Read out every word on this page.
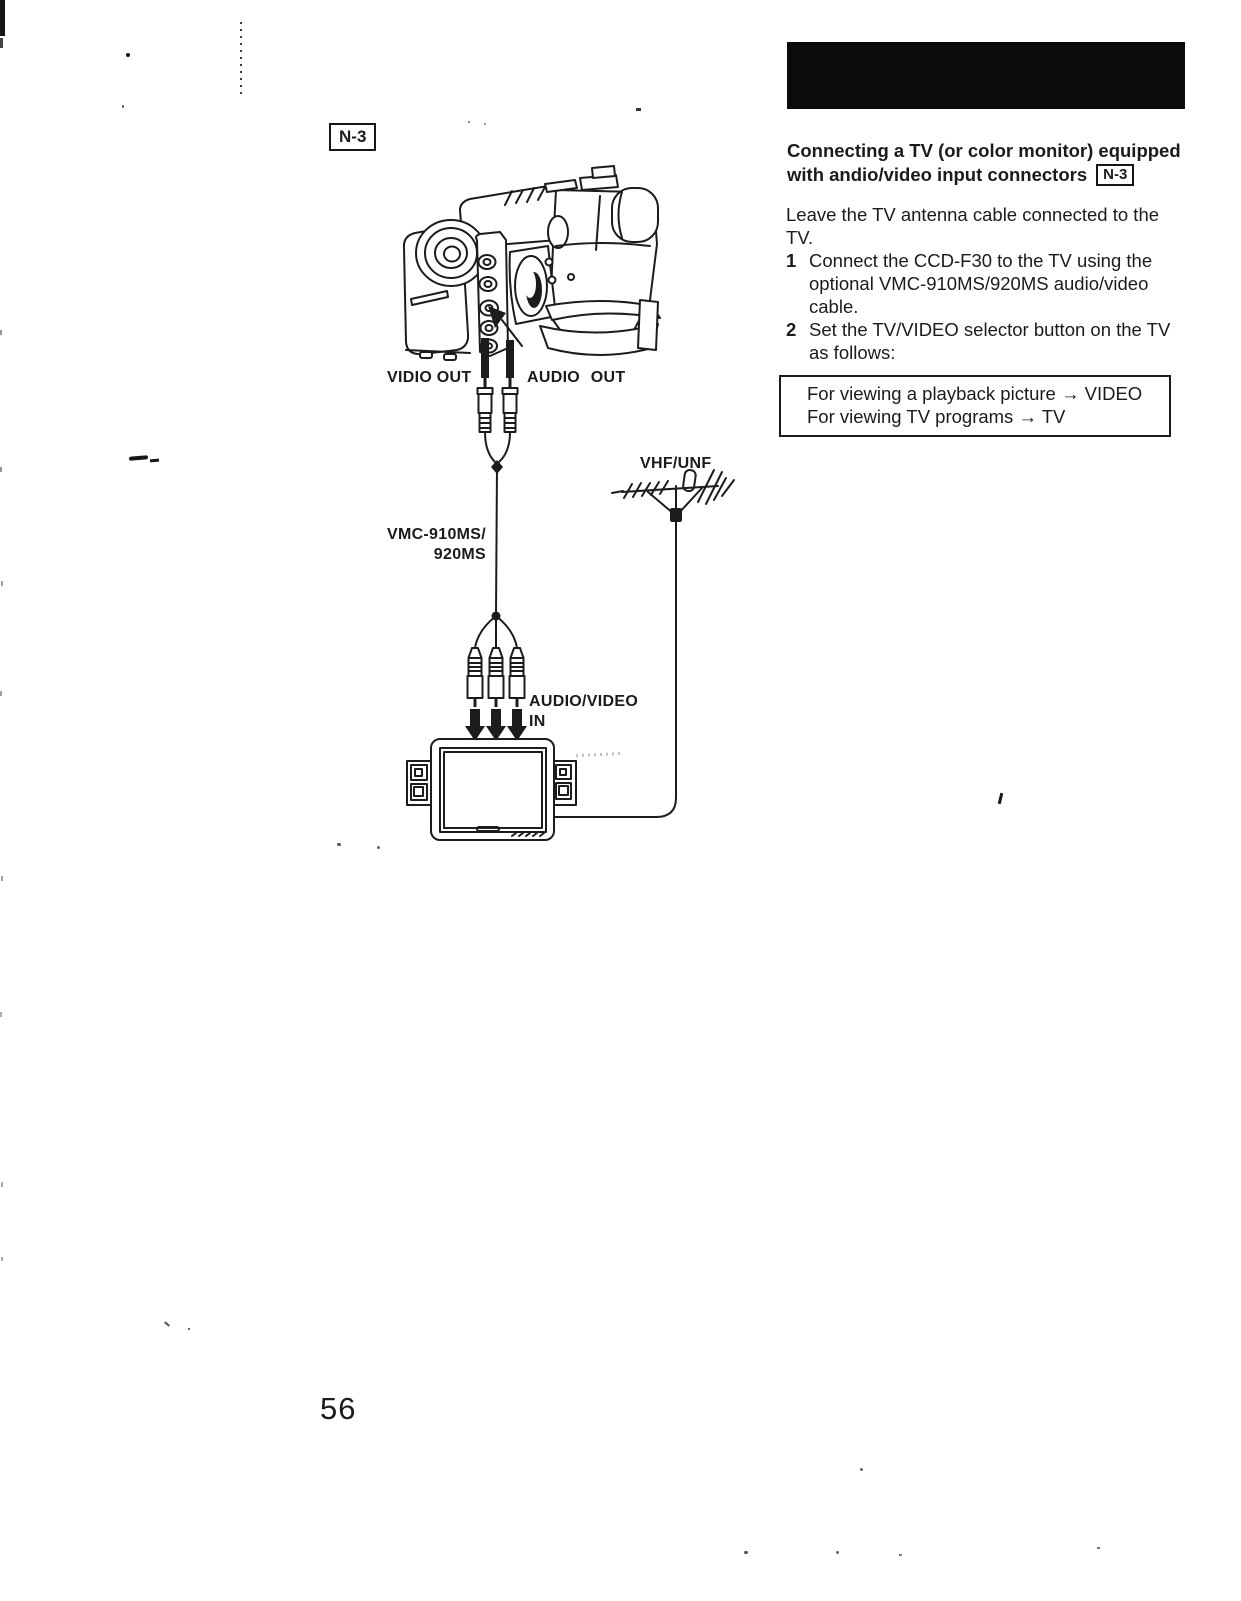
N-3
VIDIO OUT	AUDIO OUT
VHF/UNF
VMC-910MS/
920MS
AUDIO/VIDEO
IN
Connecting a TV (or color monitor) equipped
with andio/video input connectors N-3

Leave the TV antenna cable connected to the TV.

1 Connect the CCD-F30 to the TV using the optional VMC-910MS/920MS audio/video cable.
2 Set the TV/VIDEO selector button on the TV as follows:
For viewing a playback picture → VIDEO
For viewing TV programs → TV
56
